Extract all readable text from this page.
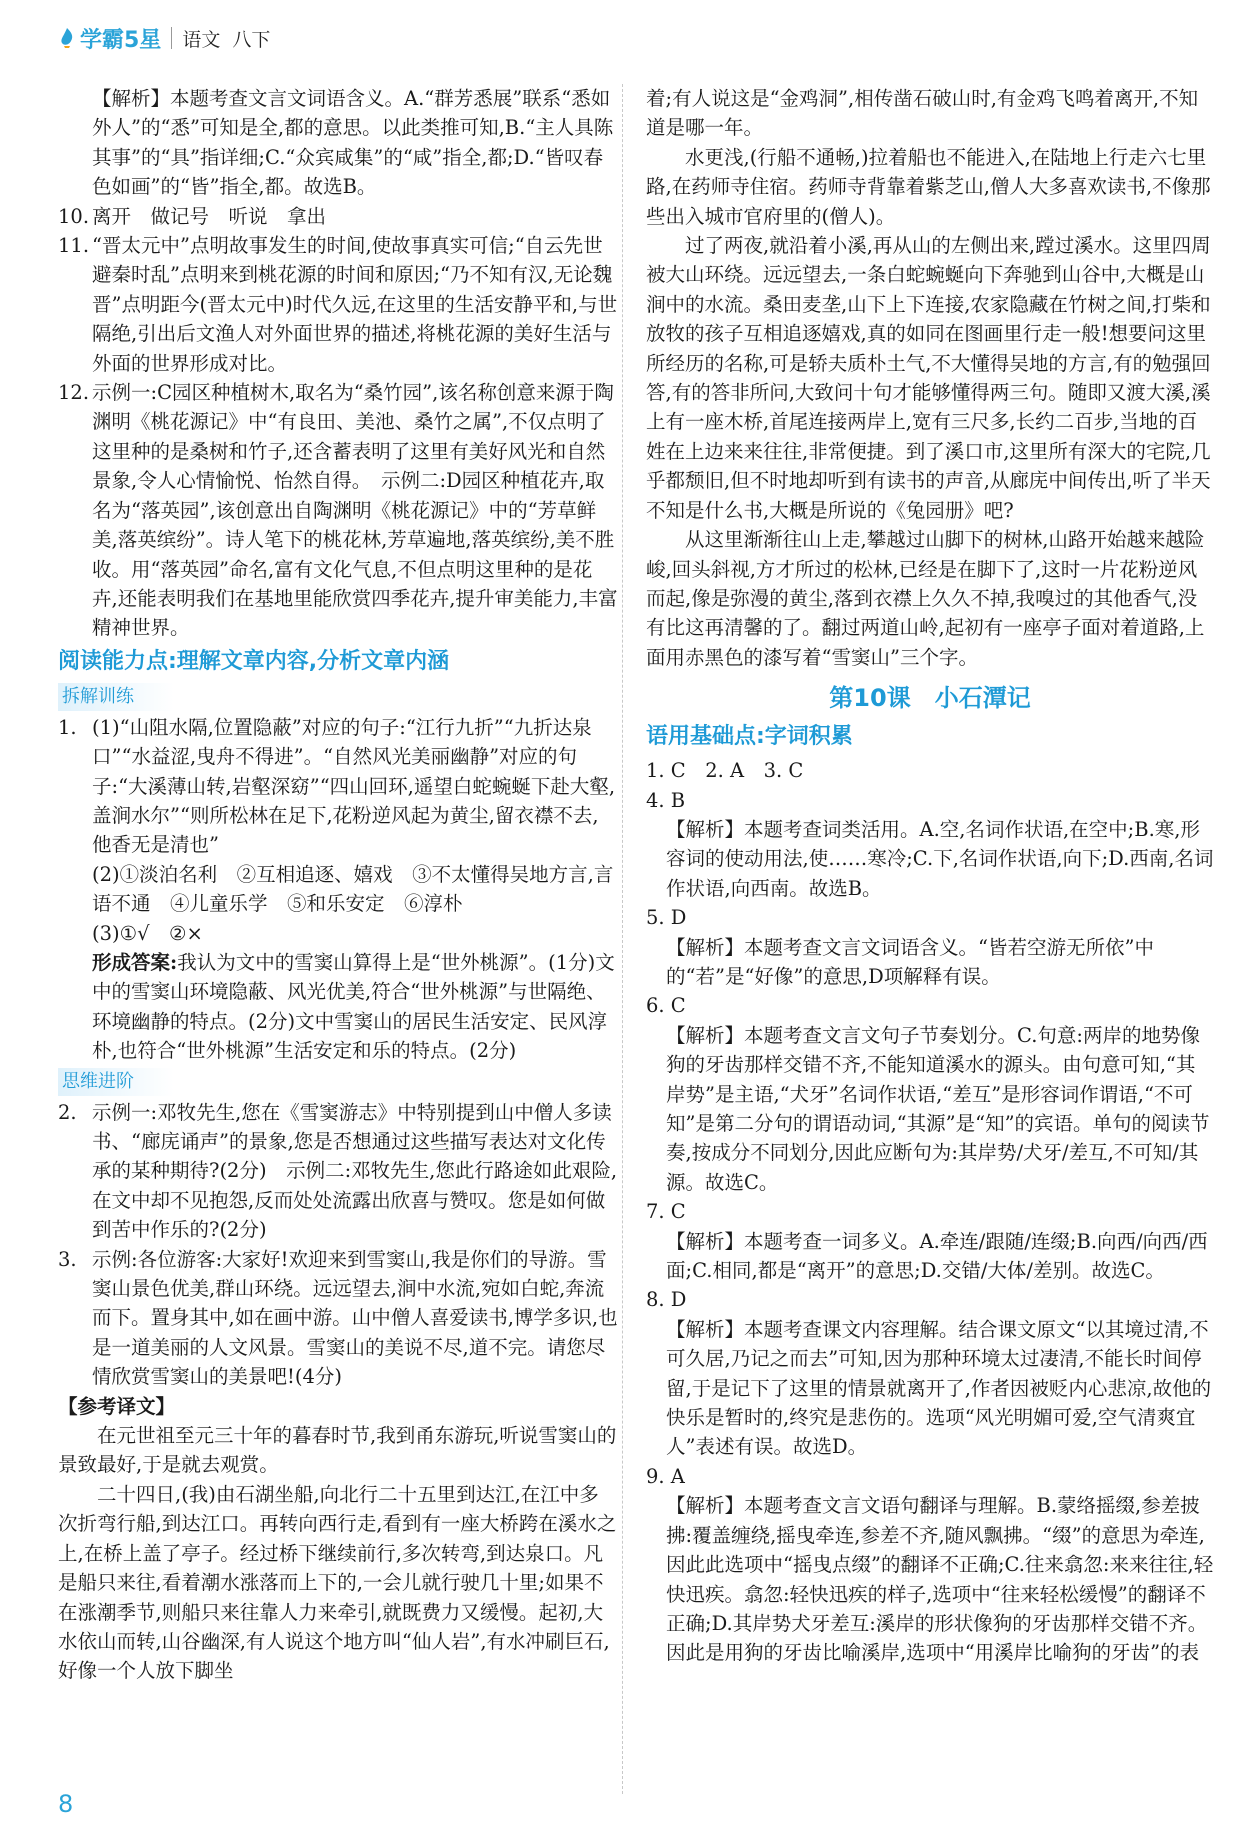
学霸5星 语文 八下

【解析】本题考查文言文词语含义。A.“群芳悉展”联系“悉如外人”的“悉”可知是全,都的意思。以此类推可知,B.“主人具陈其事”的“具”指详细;C.“众宾咸集”的“咸”指全,都;D.“皆叹春色如画”的“皆”指全,都。故选B。

10. 离开　做记号　听说　拿出
11. “晋太元中”点明故事发生的时间,使故事真实可信;“自云先世避秦时乱”点明来到桃花源的时间和原因;“乃不知有汉,无论魏晋”点明距今(晋太元中)时代久远,在这里的生活安静平和,与世隔绝,引出后文渔人对外面世界的描述,将桃花源的美好生活与外面的世界形成对比。
12. 示例一:C园区种植树木,取名为“桑竹园”,该名称创意来源于陶渊明《桃花源记》中“有良田、美池、桑竹之属”,不仅点明了这里种的是桑树和竹子,还含蓄表明了这里有美好风光和自然景象,令人心情愉悦、怡然自得。　示例二:D园区种植花卉,取名为“落英园”,该创意出自陶渊明《桃花源记》中的“芳草鲜美,落英缤纷”。诗人笔下的桃花林,芳草遍地,落英缤纷,美不胜收。用“落英园”命名,富有文化气息,不但点明这里种的是花卉,还能表明我们在基地里能欣赏四季花卉,提升审美能力,丰富精神世界。
阅读能力点:理解文章内容,分析文章内涵
拆解训练
1. (1)“山阻水隔,位置隐蔽”对应的句子:“江行九折”“九折达泉口”“水益涩,曳舟不得进”。“自然风光美丽幽静”对应的句子:“大溪薄山转,岩壑深窈”“四山回环,遥望白蛇蜿蜒下赴大壑,盖涧水尔”“则所松林在足下,花粉逆风起为黄尘,留衣襟不去,他香无是清也”

(2)①淡泊名利　②互相追逐、嬉戏　③不太懂得吴地方言,言语不通　④儿童乐学　⑤和乐安定　⑥淳朴

(3)①√　②×

形成答案:我认为文中的雪窦山算得上是“世外桃源”。(1分)文中的雪窦山环境隐蔽、风光优美,符合“世外桃源”与世隔绝、环境幽静的特点。(2分)文中雪窦山的居民生活安定、民风淳朴,也符合“世外桃源”生活安定和乐的特点。(2分)

思维进阶
2. 示例一:邓牧先生,您在《雪窦游志》中特别提到山中僧人多读书、“廊庑诵声”的景象,您是否想通过这些描写表达对文化传承的某种期待?(2分)　示例二:邓牧先生,您此行路途如此艰险,在文中却不见抱怨,反而处处流露出欣喜与赞叹。您是如何做到苦中作乐的?(2分)
3. 示例:各位游客:大家好!欢迎来到雪窦山,我是你们的导游。雪窦山景色优美,群山环绕。远远望去,涧中水流,宛如白蛇,奔流而下。置身其中,如在画中游。山中僧人喜爱读书,博学多识,也是一道美丽的人文风景。雪窦山的美说不尽,道不完。请您尽情欣赏雪窦山的美景吧!(4分)

【参考译文】

在元世祖至元三十年的暮春时节,我到甬东游玩,听说雪窦山的景致最好,于是就去观赏。

二十四日,(我)由石湖坐船,向北行二十五里到达江,在江中多次折弯行船,到达江口。再转向西行走,看到有一座大桥跨在溪水之上,在桥上盖了亭子。经过桥下继续前行,多次转弯,到达泉口。凡是船只来往,看着潮水涨落而上下的,一会儿就行驶几十里;如果不在涨潮季节,则船只来往靠人力来牵引,就既费力又缓慢。起初,大水依山而转,山谷幽深,有人说这个地方叫“仙人岩”,有水冲刷巨石,好像一个人放下脚坐

着;有人说这是“金鸡洞”,相传凿石破山时,有金鸡飞鸣着离开,不知道是哪一年。

水更浅,(行船不通畅,)拉着船也不能进入,在陆地上行走六七里路,在药师寺住宿。药师寺背靠着紫芝山,僧人大多喜欢读书,不像那些出入城市官府里的(僧人)。

过了两夜,就沿着小溪,再从山的左侧出来,蹚过溪水。这里四周被大山环绕。远远望去,一条白蛇蜿蜒向下奔驰到山谷中,大概是山涧中的水流。桑田麦垄,山下上下连接,农家隐藏在竹树之间,打柴和放牧的孩子互相追逐嬉戏,真的如同在图画里行走一般!想要问这里所经历的名称,可是轿夫质朴土气,不大懂得吴地的方言,有的勉强回答,有的答非所问,大致问十句才能够懂得两三句。随即又渡大溪,溪上有一座木桥,首尾连接两岸上,宽有三尺多,长约二百步,当地的百姓在上边来来往往,非常便捷。到了溪口市,这里所有深大的宅院,几乎都颓旧,但不时地却听到有读书的声音,从廊庑中间传出,听了半天不知是什么书,大概是所说的《兔园册》吧?

从这里渐渐往山上走,攀越过山脚下的树林,山路开始越来越险峻,回头斜视,方才所过的松林,已经是在脚下了,这时一片花粉逆风而起,像是弥漫的黄尘,落到衣襟上久久不掉,我嗅过的其他香气,没有比这再清馨的了。翻过两道山岭,起初有一座亭子面对着道路,上面用赤黑色的漆写着“雪窦山”三个字。

第10课　小石潭记
语用基础点:字词积累

1. C　2. A　3. C

4. B

【解析】本题考查词类活用。A.空,名词作状语,在空中;B.寒,形容词的使动用法,使……寒冷;C.下,名词作状语,向下;D.西南,名词作状语,向西南。故选B。

5. D

【解析】本题考查文言文词语含义。“皆若空游无所依”中的“若”是“好像”的意思,D项解释有误。

6. C

【解析】本题考查文言文句子节奏划分。C.句意:两岸的地势像狗的牙齿那样交错不齐,不能知道溪水的源头。由句意可知,“其岸势”是主语,“犬牙”名词作状语,“差互”是形容词作谓语,“不可知”是第二分句的谓语动词,“其源”是“知”的宾语。单句的阅读节奏,按成分不同划分,因此应断句为:其岸势/犬牙/差互,不可知/其源。故选C。

7. C

【解析】本题考查一词多义。A.牵连/跟随/连缀;B.向西/向西/西面;C.相同,都是“离开”的意思;D.交错/大体/差别。故选C。

8. D

【解析】本题考查课文内容理解。结合课文原文“以其境过清,不可久居,乃记之而去”可知,因为那种环境太过凄清,不能长时间停留,于是记下了这里的情景就离开了,作者因被贬内心悲凉,故他的快乐是暂时的,终究是悲伤的。选项“风光明媚可爱,空气清爽宜人”表述有误。故选D。

9. A

【解析】本题考查文言文语句翻译与理解。B.蒙络摇缀,参差披拂:覆盖缠绕,摇曳牵连,参差不齐,随风飘拂。“缀”的意思为牵连,因此此选项中“摇曳点缀”的翻译不正确;C.往来翕忽:来来往往,轻快迅疾。翕忽:轻快迅疾的样子,选项中“往来轻松缓慢”的翻译不正确;D.其岸势犬牙差互:溪岸的形状像狗的牙齿那样交错不齐。因此是用狗的牙齿比喻溪岸,选项中“用溪岸比喻狗的牙齿”的表

8
